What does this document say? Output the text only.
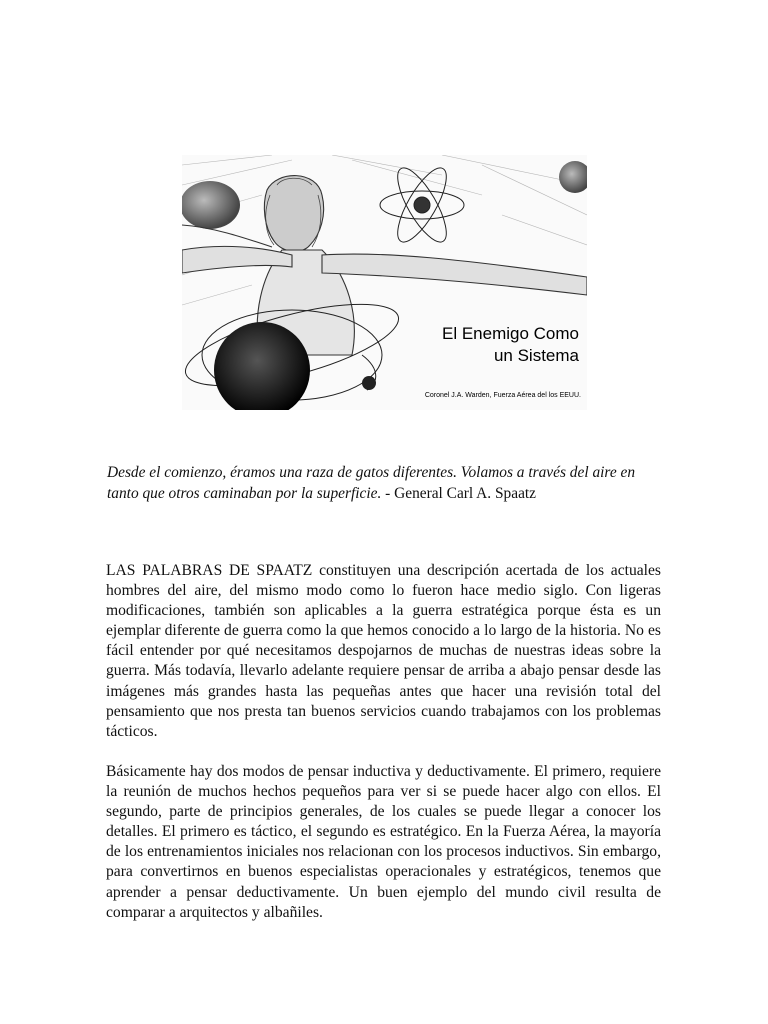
El Enemigo Como
un Sistema
Coronel J.A. Warden, Fuerza Aérea del los EEUU.
Desde el comienzo, éramos una raza de gatos diferentes. Volamos a través del aire en tanto que otros caminaban por la superficie. - General Carl A. Spaatz

LAS PALABRAS DE SPAATZ constituyen una descripción acertada de los actuales hombres del aire, del mismo modo como lo fueron hace medio siglo. Con ligeras modificaciones, también son aplicables a la guerra estratégica porque ésta es un ejemplar diferente de guerra como la que hemos conocido a lo largo de la historia. No es fácil entender por qué necesitamos despojarnos de muchas de nuestras ideas sobre la guerra. Más todavía, llevarlo adelante requiere pensar de arriba a abajo pensar desde las imágenes más grandes hasta las pequeñas antes que hacer una revisión total del pensamiento que nos presta tan buenos servicios cuando trabajamos con los problemas tácticos.

Básicamente hay dos modos de pensar inductiva y deductivamente. El primero, requiere la reunión de muchos hechos pequeños para ver si se puede hacer algo con ellos. El segundo, parte de principios generales, de los cuales se puede llegar a conocer los detalles. El primero es táctico, el segundo es estratégico. En la Fuerza Aérea, la mayoría de los entrenamientos iniciales nos relacionan con los procesos inductivos. Sin embargo, para convertirnos en buenos especialistas operacionales y estratégicos, tenemos que aprender a pensar deductivamente. Un buen ejemplo del mundo civil resulta de comparar a arquitectos y albañiles.
